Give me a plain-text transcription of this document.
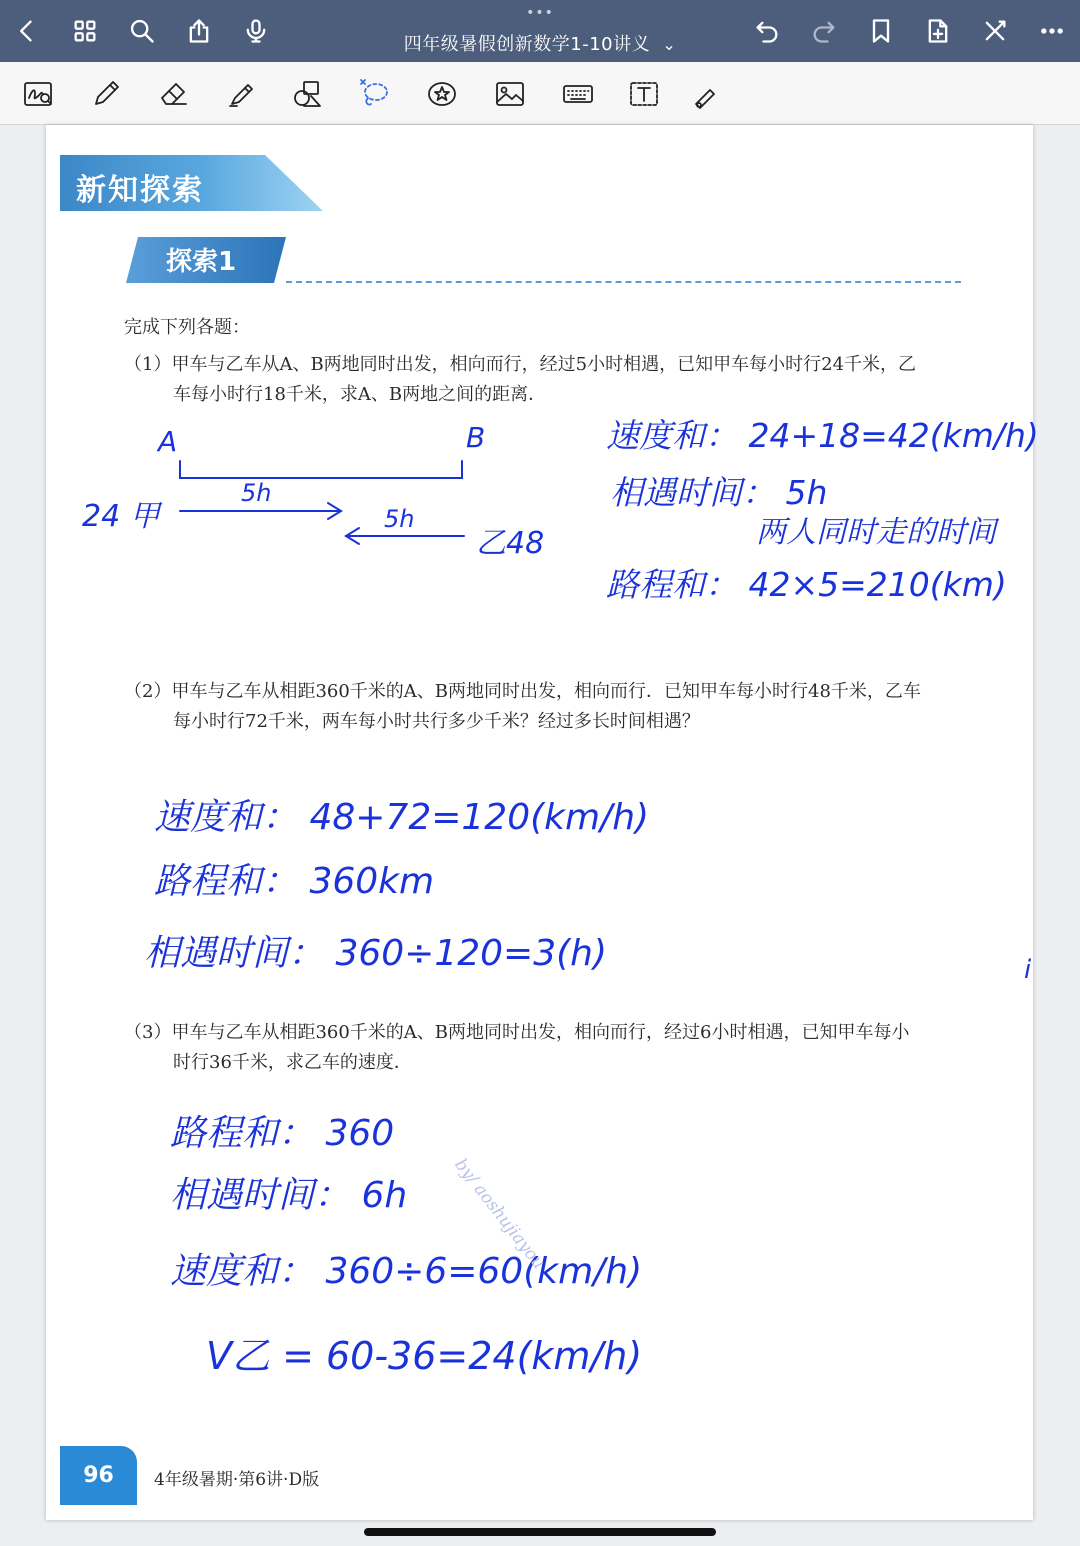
•••
四年级暑假创新数学1-10讲义 ⌄
新知探索
探索1
完成下列各题：
（1）甲车与乙车从A、B两地同时出发，相向而行，经过5小时相遇，已知甲车每小时行24千米，乙
车每小时行18千米，求A、B两地之间的距离．
A	B
24 甲
5h
5h
乙48
速度和： 24+18=42(km/h)
相遇时间： 5h
两人同时走的时间
路程和： 42×5=210(km)
（2）甲车与乙车从相距360千米的A、B两地同时出发，相向而行．已知甲车每小时行48千米，乙车
每小时行72千米，两车每小时共行多少千米？经过多长时间相遇？
速度和： 48+72=120(km/h)
路程和： 360km
相遇时间： 360÷120=3(h)
（3）甲车与乙车从相距360千米的A、B两地同时出发，相向而行，经过6小时相遇，已知甲车每小
时行36千米，求乙车的速度．
路程和： 360
相遇时间： 6h
速度和： 360÷6=60(km/h)
V乙 = 60-36=24(km/h)
by/ aoshujiayou
96	4年级暑期·第6讲·D版
i
